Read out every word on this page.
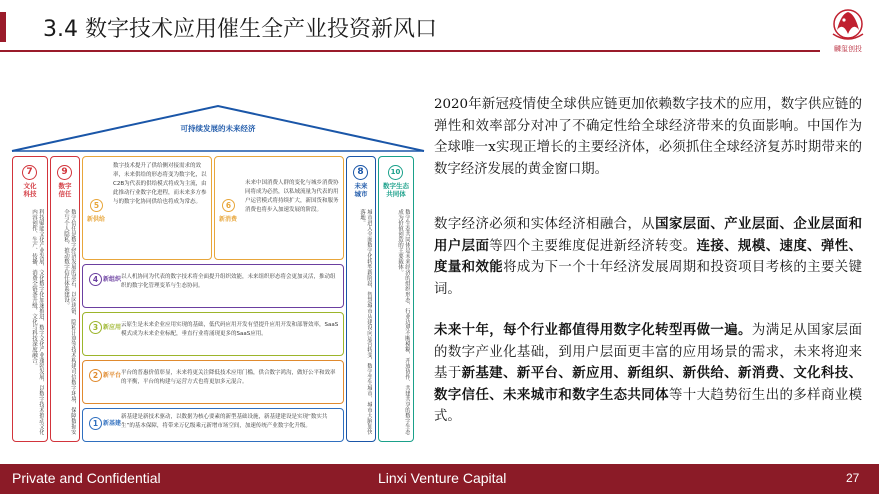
3.4 数字技术应用催生全产业投资新风口
麟玺创投
可持续发展的未来经济
7
文化
科技
科技赋能文化产业发展，文化数字化加速推进，数字文化产业蓬勃发展，以数字技术推动文化内容创作、生产、传播、消费全链条升级，文化与科技深度融合。
9
数字
信任
数字信任是数字经济发展的基石，以区块链、隐私计算等技术构建可信数字环境，保障数据安全与个人隐私，推动数字信任体系建设。
8
未来
城市
城市进入全面数字化转型新阶段，智慧城市从建设向运营转变，数字孪生城市、城市大脑加快落地。
10
数字生态
共同体
数字生态共同体是未来经济的组织形态，行业边界不断模糊，开放协作、共建共享的数字生态成为价值创造的主要载体。
5
新供给
数字技术提升了供给侧对接需求的效率，未来供给的形态将变为数字化，以C2B为代表的供给模式将成为主流，由此推动行业数字化进程，而未来多方参与的数字化协同供给也将成为常态。	6
新消费
未来中国消费人群的变化与城乡消费协同将成为必然，以私域流量为代表的用户运营模式将持续扩大，新国货和服务消费也将步入加速发展的阶段。
4 新组织 以人机协同为代表的数字技术将全面提升组织效能，未来组织形态将会更加灵活，推动组织的数字化管理变革与生态协同。
3 新应用 云原生是未来企业应用实现的基础，低代码应用开发有望提升应用开发和部署效率，SaaS模式成为未来企业标配，垂直行业将涌现更多的SaaS应用。
2 新平台 平台的普惠价值彰显，未来将更关注降低技术应用门槛，供合数字鸿沟，做好公平和效率的平衡，平台的构建与运营方式也将更加多元混合。
1 新基建
新基建是新技术驱动，以数据为核心要素的新型基础设施，新基建建设是实现“数实共生”的基本保障，将带来万亿级乘元新增市场空间，加速传统产业数字化升级。
2020年新冠疫情使全球供应链更加依赖数字技术的应用，数字供应链的弹性和效率部分对冲了不确定性给全球经济带来的负面影响。中国作为全球唯一x实现正增长的主要经济体，必须抓住全球经济复苏时期带来的数字经济发展的黄金窗口期。
数字经济必须和实体经济相融合，从国家层面、产业层面、企业层面和用户层面等四个主要维度促进新经济转变。连接、规模、速度、弹性、度量和效能将成为下一个十年经济发展周期和投资项目考核的主要关键词。
未来十年，每个行业都值得用数字化转型再做一遍。为满足从国家层面的数字产业化基础，到用户层面更丰富的应用场景的需求，未来将迎来基于新基建、新平台、新应用、新组织、新供给、新消费、文化科技、数字信任、未来城市和数字生态共同体等十大趋势衍生出的多样商业模式。
Private and Confidential	Linxi Venture Capital	27
